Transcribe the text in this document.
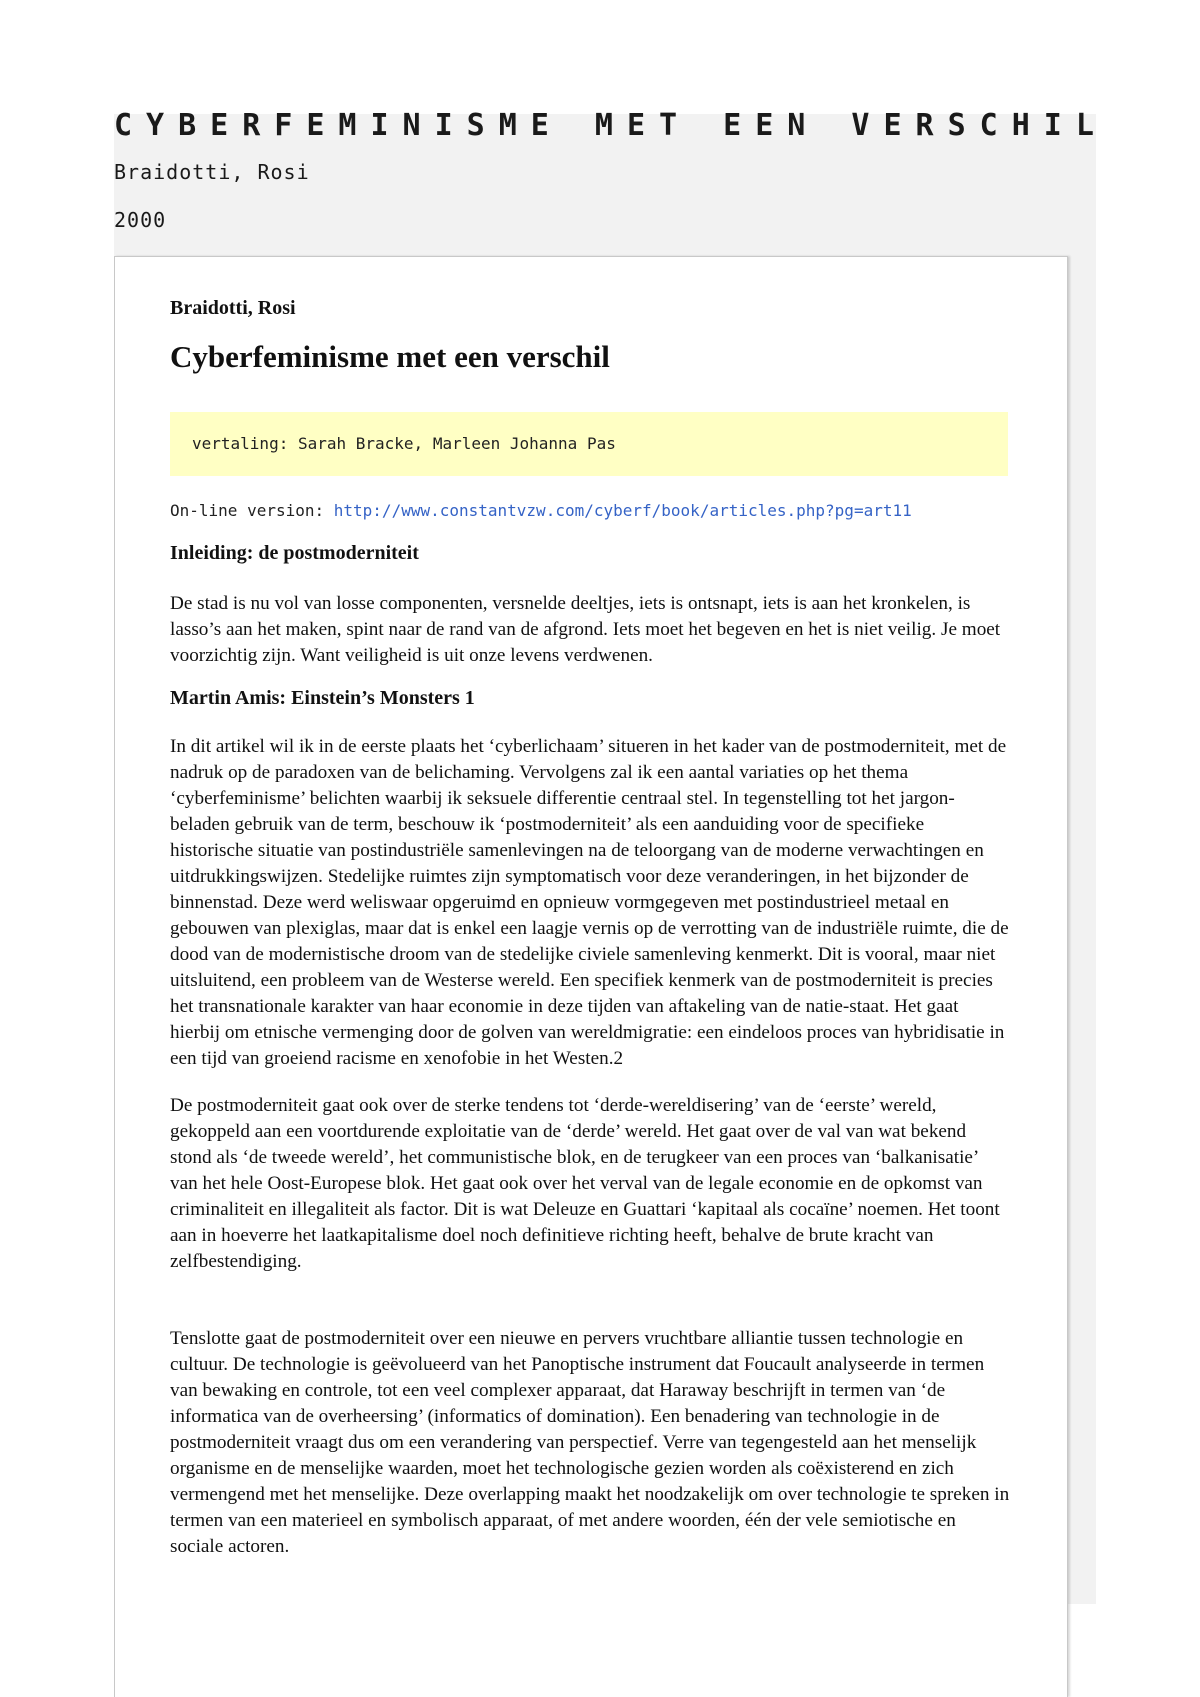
CYBERFEMINISME MET EEN VERSCHIL

Braidotti, Rosi

2000

Braidotti, Rosi

Cyberfeminisme met een verschil
vertaling: Sarah Bracke, Marleen Johanna Pas

On-line version: http://www.constantvzw.com/cyberf/book/articles.php?pg=art11

Inleiding: de postmoderniteit

De stad is nu vol van losse componenten, versnelde deeltjes, iets is ontsnapt, iets is aan het kronkelen, is lasso’s aan het maken, spint naar de rand van de afgrond. Iets moet het begeven en het is niet veilig. Je moet voorzichtig zijn. Want veiligheid is uit onze levens verdwenen.

Martin Amis: Einstein’s Monsters 1

In dit artikel wil ik in de eerste plaats het ‘cyberlichaam’ situeren in het kader van de postmoderniteit, met de nadruk op de paradoxen van de belichaming. Vervolgens zal ik een aantal variaties op het thema ‘cyberfeminisme’ belichten waarbij ik seksuele differentie centraal stel. In tegenstelling tot het jargon-beladen gebruik van de term, beschouw ik ‘postmoderniteit’ als een aanduiding voor de specifieke historische situatie van postindustriële samenlevingen na de teloorgang van de moderne verwachtingen en uitdrukkingswijzen. Stedelijke ruimtes zijn symptomatisch voor deze veranderingen, in het bijzonder de binnenstad. Deze werd weliswaar opgeruimd en opnieuw vormgegeven met postindustrieel metaal en gebouwen van plexiglas, maar dat is enkel een laagje vernis op de verrotting van de industriële ruimte, die de dood van de modernistische droom van de stedelijke civiele samenleving kenmerkt. Dit is vooral, maar niet uitsluitend, een probleem van de Westerse wereld. Een specifiek kenmerk van de postmoderniteit is precies het transnationale karakter van haar economie in deze tijden van aftakeling van de natie-staat. Het gaat hierbij om etnische vermenging door de golven van wereldmigratie: een eindeloos proces van hybridisatie in een tijd van groeiend racisme en xenofobie in het Westen.2

De postmoderniteit gaat ook over de sterke tendens tot ‘derde-wereldisering’ van de ‘eerste’ wereld, gekoppeld aan een voortdurende exploitatie van de ‘derde’ wereld. Het gaat over de val van wat bekend stond als ‘de tweede wereld’, het communistische blok, en de terugkeer van een proces van ‘balkanisatie’ van het hele Oost-Europese blok. Het gaat ook over het verval van de legale economie en de opkomst van criminaliteit en illegaliteit als factor. Dit is wat Deleuze en Guattari ‘kapitaal als cocaïne’ noemen. Het toont aan in hoeverre het laatkapitalisme doel noch definitieve richting heeft, behalve de brute kracht van zelfbestendiging.

Tenslotte gaat de postmoderniteit over een nieuwe en pervers vruchtbare alliantie tussen technologie en cultuur. De technologie is geëvolueerd van het Panoptische instrument dat Foucault analyseerde in termen van bewaking en controle, tot een veel complexer apparaat, dat Haraway beschrijft in termen van ‘de informatica van de overheersing’ (informatics of domination). Een benadering van technologie in de postmoderniteit vraagt dus om een verandering van perspectief. Verre van tegengesteld aan het menselijk organisme en de menselijke waarden, moet het technologische gezien worden als coëxisterend en zich vermengend met het menselijke. Deze overlapping maakt het noodzakelijk om over technologie te spreken in termen van een materieel en symbolisch apparaat, of met andere woorden, één der vele semiotische en sociale actoren.
